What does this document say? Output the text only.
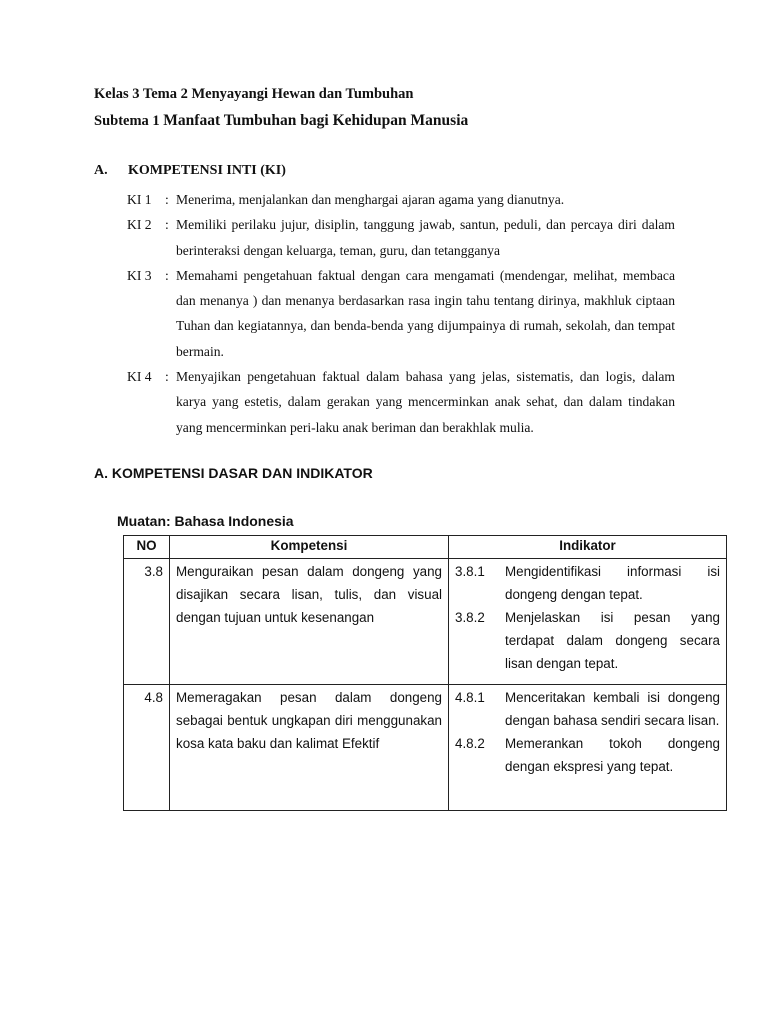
Kelas 3 Tema 2 Menyayangi Hewan dan Tumbuhan
Subtema 1 Manfaat Tumbuhan bagi Kehidupan Manusia
A. KOMPETENSI INTI (KI)
KI 1 : Menerima, menjalankan dan menghargai ajaran agama yang dianutnya.
KI 2 : Memiliki perilaku jujur, disiplin, tanggung jawab, santun, peduli, dan percaya diri dalam berinteraksi dengan keluarga, teman, guru, dan tetangganya
KI 3 : Memahami pengetahuan faktual dengan cara mengamati (mendengar, melihat, membaca dan menanya ) dan menanya berdasarkan rasa ingin tahu tentang dirinya, makhluk ciptaan Tuhan dan kegiatannya, dan benda-benda yang dijumpainya di rumah, sekolah, dan tempat bermain.
KI 4 : Menyajikan pengetahuan faktual dalam bahasa yang jelas, sistematis, dan logis, dalam karya yang estetis, dalam gerakan yang mencerminkan anak sehat, dan dalam tindakan yang mencerminkan peri-laku anak beriman dan berakhlak mulia.
A. KOMPETENSI DASAR DAN INDIKATOR
Muatan: Bahasa Indonesia
NO	Kompetensi	Indikator
3.8	Menguraikan pesan dalam dongeng yang disajikan secara lisan, tulis, dan visual dengan tujuan untuk kesenangan	3.8.1 Mengidentifikasi informasi isi dongeng dengan tepat.
3.8.2 Menjelaskan isi pesan yang terdapat dalam dongeng secara lisan dengan tepat.

4.8	Memeragakan pesan dalam dongeng sebagai bentuk ungkapan diri menggunakan kosa kata baku dan kalimat Efektif	4.8.1 Menceritakan kembali isi dongeng dengan bahasa sendiri secara lisan.
4.8.2 Memerankan tokoh dongeng dengan ekspresi yang tepat.
